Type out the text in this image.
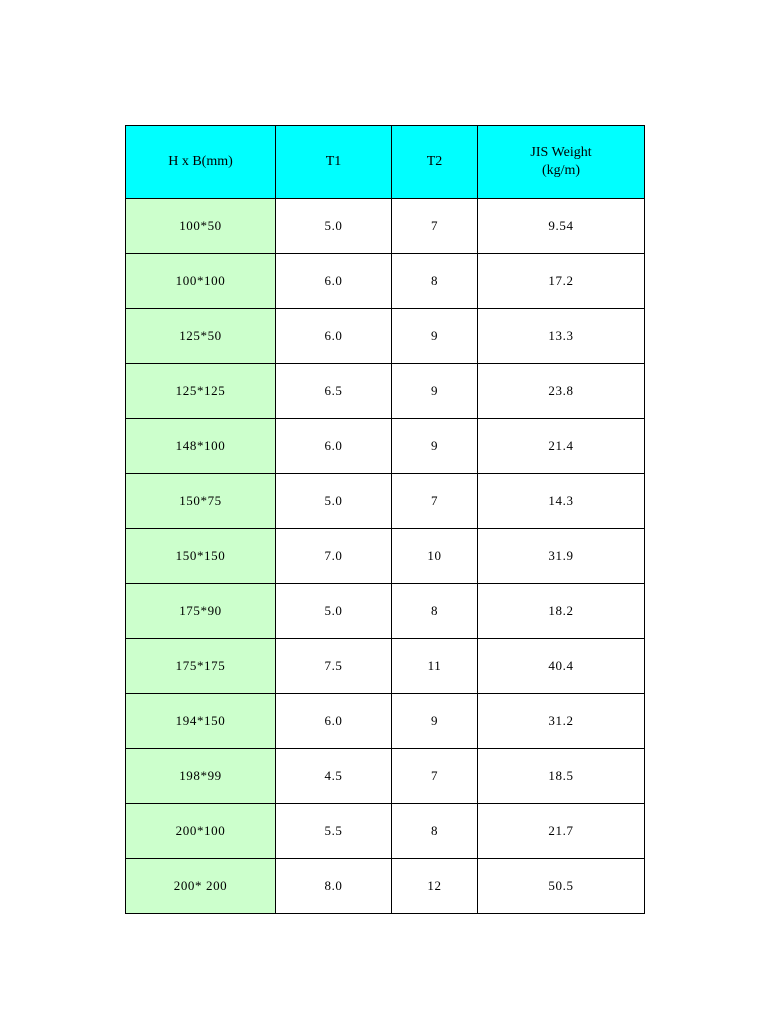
H x B(mm)	T1	T2	JIS Weight
(kg/m)

100*50	5.0	7	9.54
100*100	6.0	8	17.2
125*50	6.0	9	13.3
125*125	6.5	9	23.8
148*100	6.0	9	21.4
150*75	5.0	7	14.3
150*150	7.0	10	31.9
175*90	5.0	8	18.2
175*175	7.5	11	40.4
194*150	6.0	9	31.2
198*99	4.5	7	18.5
200*100	5.5	8	21.7
200* 200	8.0	12	50.5
